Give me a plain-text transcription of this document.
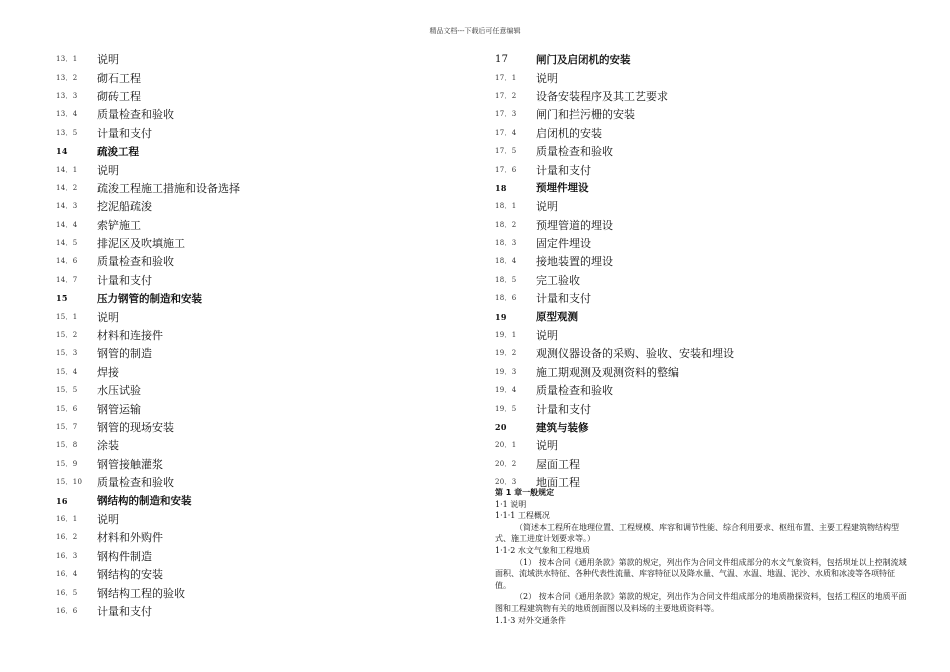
精品文档---下载后可任意编辑
13．1	说明
13．2	砌石工程
13．3	砌砖工程
13．4	质量检查和验收
13．5	计量和支付
14	疏浚工程
14．1	说明
14．2	疏浚工程施工措施和设备选择
14．3	挖泥船疏浚
14．4	索铲施工
14．5	排泥区及吹填施工
14．6	质量检查和验收
14．7	计量和支付
15	压力钢管的制造和安装
15．1	说明
15．2	材料和连接件
15．3	钢管的制造
15．4	焊接
15．5	水压试验
15．6	钢管运输
15．7	钢管的现场安装
15．8	涂装
15．9	钢管接触灌浆
15．10	质量检查和验收
16	钢结构的制造和安装
16．1	说明
16．2	材料和外购件
16．3	钢构件制造
16．4	钢结构的安装
16．5	钢结构工程的验收
16．6	计量和支付
17	闸门及启闭机的安装
17．1	说明
17．2	设备安装程序及其工艺要求
17．3	闸门和拦污栅的安装
17．4	启闭机的安装
17．5	质量检查和验收
17．6	计量和支付
18	预埋件埋设
18．1	说明
18．2	预埋管道的埋设
18．3	固定件埋设
18．4	接地装置的埋设
18．5	完工验收
18．6	计量和支付
19	原型观测
19．1	说明
19．2	观测仪器设备的采购、验收、安装和埋设
19．3	施工期观测及观测资料的整编
19．4	质量检查和验收
19．5	计量和支付
20	建筑与装修
20．1	说明
20．2	屋面工程
20．3	地面工程

第 1 章一般规定

1·1 说明

1·1·1 工程概况

（简述本工程所在地理位置、工程规模、库容和调节性能、综合利用要求、枢纽布置、主要工程建筑物结构型式、施工进度计划要求等。）

1·1·2 水文气象和工程地质

（1） 按本合同《通用条款》第款的规定，列出作为合同文件组成部分的水文气象资料，包括坝址以上控制流域面积、流域洪水特征、各种代表性流量、库容特征以及降水量、气温、水温、地温、泥沙、水质和冰凌等各项特征值。

（2） 按本合同《通用条款》第款的规定，列出作为合同文件组成部分的地质勘探资料，包括工程区的地质平面图和工程建筑物有关的地质剖面图以及料场的主要地质资料等。

1.1·3 对外交通条件
